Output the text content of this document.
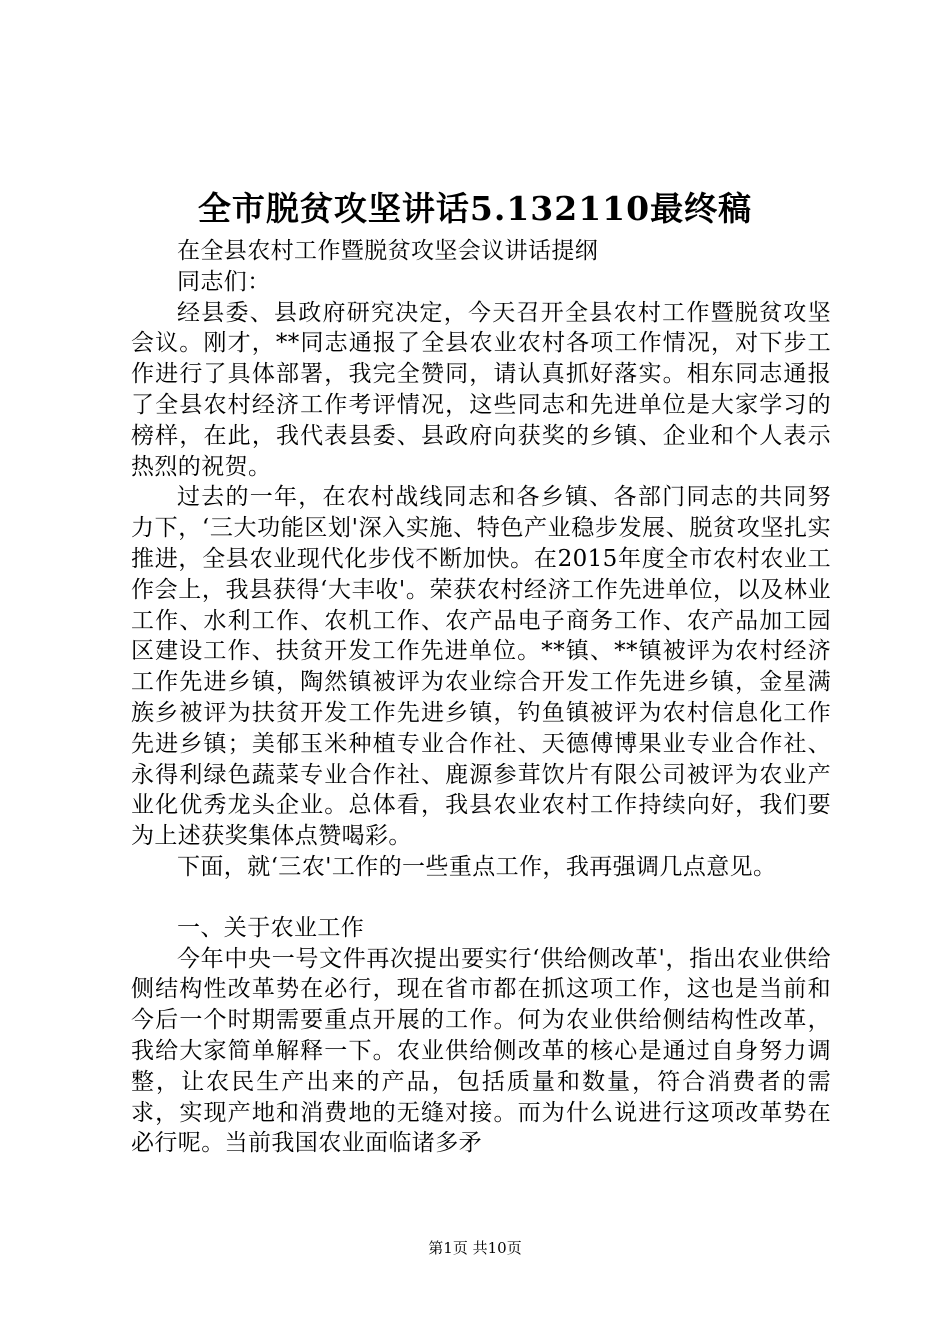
全市脱贫攻坚讲话5.132110最终稿

在全县农村工作暨脱贫攻坚会议讲话提纲

同志们：

经县委、县政府研究决定，今天召开全县农村工作暨脱贫攻坚会议。刚才，**同志通报了全县农业农村各项工作情况，对下步工作进行了具体部署，我完全赞同，请认真抓好落实。相东同志通报了全县农村经济工作考评情况，这些同志和先进单位是大家学习的榜样，在此，我代表县委、县政府向获奖的乡镇、企业和个人表示热烈的祝贺。

过去的一年，在农村战线同志和各乡镇、各部门同志的共同努力下，‘三大功能区划'深入实施、特色产业稳步发展、脱贫攻坚扎实推进，全县农业现代化步伐不断加快。在2015年度全市农村农业工作会上，我县获得‘大丰收'。荣获农村经济工作先进单位，以及林业工作、水利工作、农机工作、农产品电子商务工作、农产品加工园区建设工作、扶贫开发工作先进单位。**镇、**镇被评为农村经济工作先进乡镇，陶然镇被评为农业综合开发工作先进乡镇，金星满族乡被评为扶贫开发工作先进乡镇，钓鱼镇被评为农村信息化工作先进乡镇；美郁玉米种植专业合作社、天德傅博果业专业合作社、永得利绿色蔬菜专业合作社、鹿源参茸饮片有限公司被评为农业产业化优秀龙头企业。总体看，我县农业农村工作持续向好，我们要为上述获奖集体点赞喝彩。

下面，就‘三农'工作的一些重点工作，我再强调几点意见。

一、关于农业工作

今年中央一号文件再次提出要实行‘供给侧改革'，指出农业供给侧结构性改革势在必行，现在省市都在抓这项工作，这也是当前和今后一个时期需要重点开展的工作。何为农业供给侧结构性改革，我给大家简单解释一下。农业供给侧改革的核心是通过自身努力调整，让农民生产出来的产品，包括质量和数量，符合消费者的需求，实现产地和消费地的无缝对接。而为什么说进行这项改革势在必行呢。当前我国农业面临诸多矛

第1页 共10页
